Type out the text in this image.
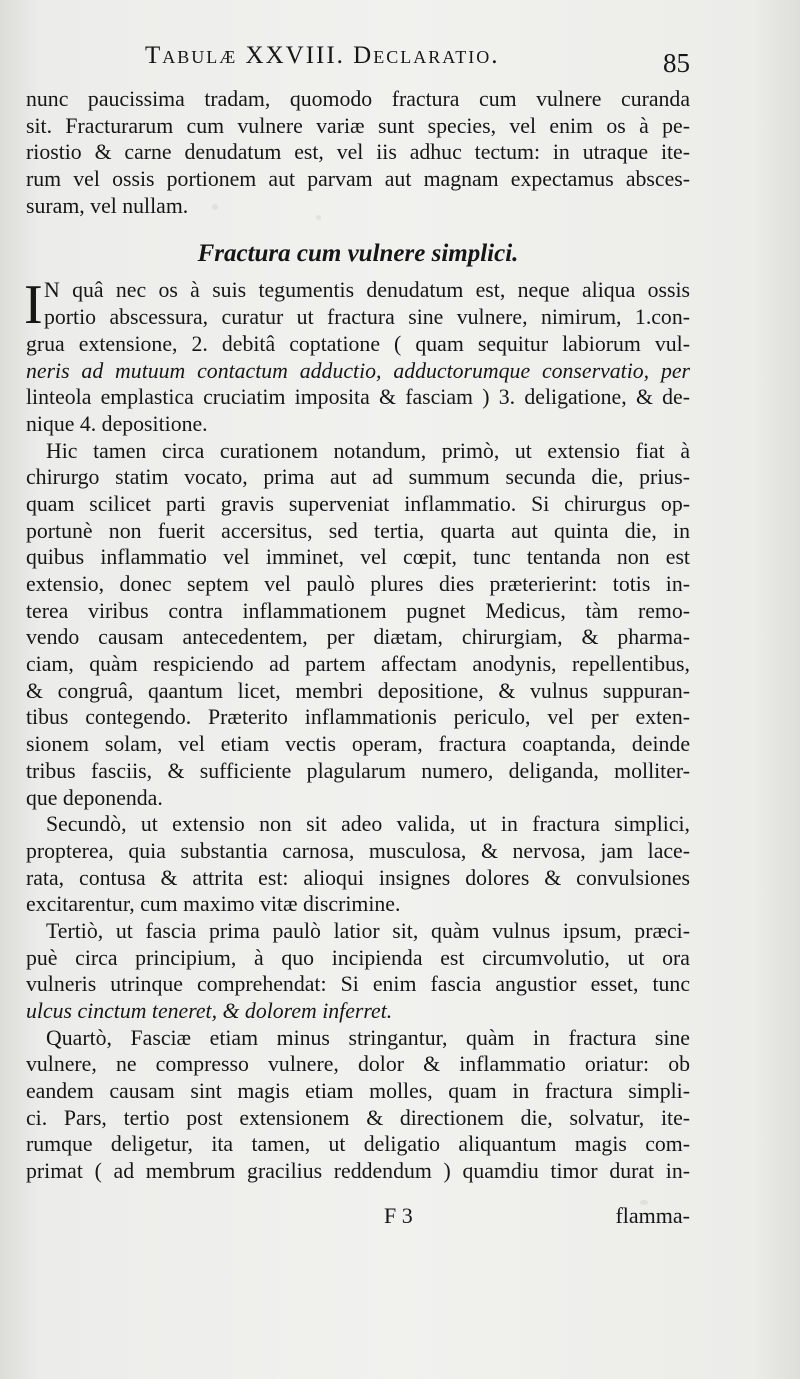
Tabulæ XXVIII. Declaratio.	85
nunc paucissima tradam, quomodo fractura cum vulnere curanda
sit. Fracturarum cum vulnere variæ sunt species, vel enim os à pe-
riostio & carne denudatum est, vel iis adhuc tectum: in utraque ite-
rum vel ossis portionem aut parvam aut magnam expectamus absces-
suram, vel nullam.
Fractura cum vulnere simplici.
I N quâ nec os à suis tegumentis denudatum est, neque aliqua ossis
portio abscessura, curatur ut fractura sine vulnere, nimirum, 1.con-
grua extensione, 2. debitâ coptatione ( quam sequitur labiorum vul-
neris ad mutuum contactum adductio, adductorumque conservatio, per
linteola emplastica cruciatim imposita & fasciam ) 3. deligatione, & de-
nique 4. depositione.
Hic tamen circa curationem notandum, primò, ut extensio fiat à
chirurgo statim vocato, prima aut ad summum secunda die, prius-
quam scilicet parti gravis superveniat inflammatio. Si chirurgus op-
portunè non fuerit accersitus, sed tertia, quarta aut quinta die, in
quibus inflammatio vel imminet, vel cœpit, tunc tentanda non est
extensio, donec septem vel paulò plures dies præterierint: totis in-
terea viribus contra inflammationem pugnet Medicus, tàm remo-
vendo causam antecedentem, per diætam, chirurgiam, & pharma-
ciam, quàm respiciendo ad partem affectam anodynis, repellentibus,
& congruâ, qaantum licet, membri depositione, & vulnus suppuran-
tibus contegendo. Præterito inflammationis periculo, vel per exten-
sionem solam, vel etiam vectis operam, fractura coaptanda, deinde
tribus fasciis, & sufficiente plagularum numero, deliganda, molliter-
que deponenda.
Secundò, ut extensio non sit adeo valida, ut in fractura simplici,
propterea, quia substantia carnosa, musculosa, & nervosa, jam lace-
rata, contusa & attrita est: alioqui insignes dolores & convulsiones
excitarentur, cum maximo vitæ discrimine.
Tertiò, ut fascia prima paulò latior sit, quàm vulnus ipsum, præci-
puè circa principium, à quo incipienda est circumvolutio, ut ora
vulneris utrinque comprehendat: Si enim fascia angustior esset, tunc
ulcus cinctum teneret, & dolorem inferret.
Quartò, Fasciæ etiam minus stringantur, quàm in fractura sine
vulnere, ne compresso vulnere, dolor & inflammatio oriatur: ob
eandem causam sint magis etiam molles, quam in fractura simpli-
ci. Pars, tertio post extensionem & directionem die, solvatur, ite-
rumque deligetur, ita tamen, ut deligatio aliquantum magis com-
primat ( ad membrum gracilius reddendum ) quamdiu timor durat in-
F 3	flamma-
